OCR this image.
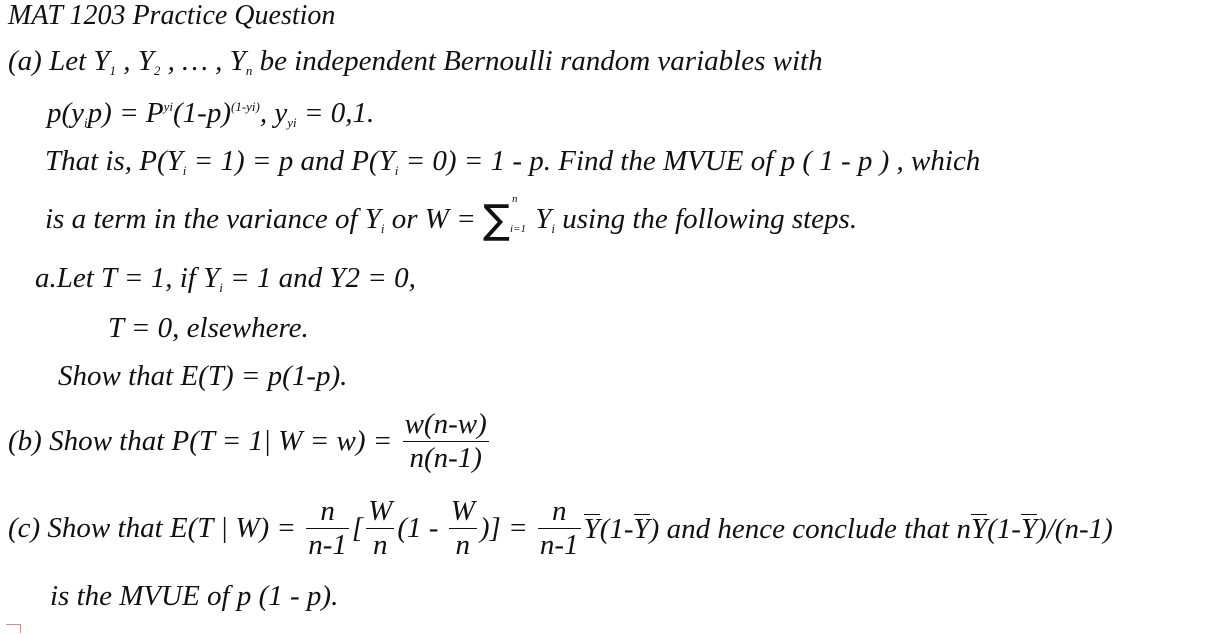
MAT 1203 Practice Question
(a) Let $Y_1$ , $Y_2$ , … , $Y_n$ be independent Bernoulli random variables with
$p(y_ip) = P^{yi}(1-p)^{(1-yi)}$, $y_{yi} = 0,1$.
That is, $P(Y_i = 1) = p$ and $P(Y_i = 0) = 1 - p$. Find the MVUE of p ( 1 - p ) , which
is a term in the variance of $Y_i$ or W = ∑ n
i=1 $Y_i$ using the following steps.
a.Let T = 1, if $Y_i = 1$ and Y2 = 0,
T = 0, elsewhere.
Show that E(T) = p(1-p).
(b) Show that P(T = 1| $W = w) = \frac{w(n-w)}{n(n-1)}$
(c) Show that E(T | $W) = \frac{n}{n-1}$ [ $\frac{W}{n} (1 - \frac{W}{n}$ )] = $\frac{n}{n-1} Y(1-Y)$ and hence conclude that nY(1-Y)/(n-1)
is the MVUE of p (1 - p).
